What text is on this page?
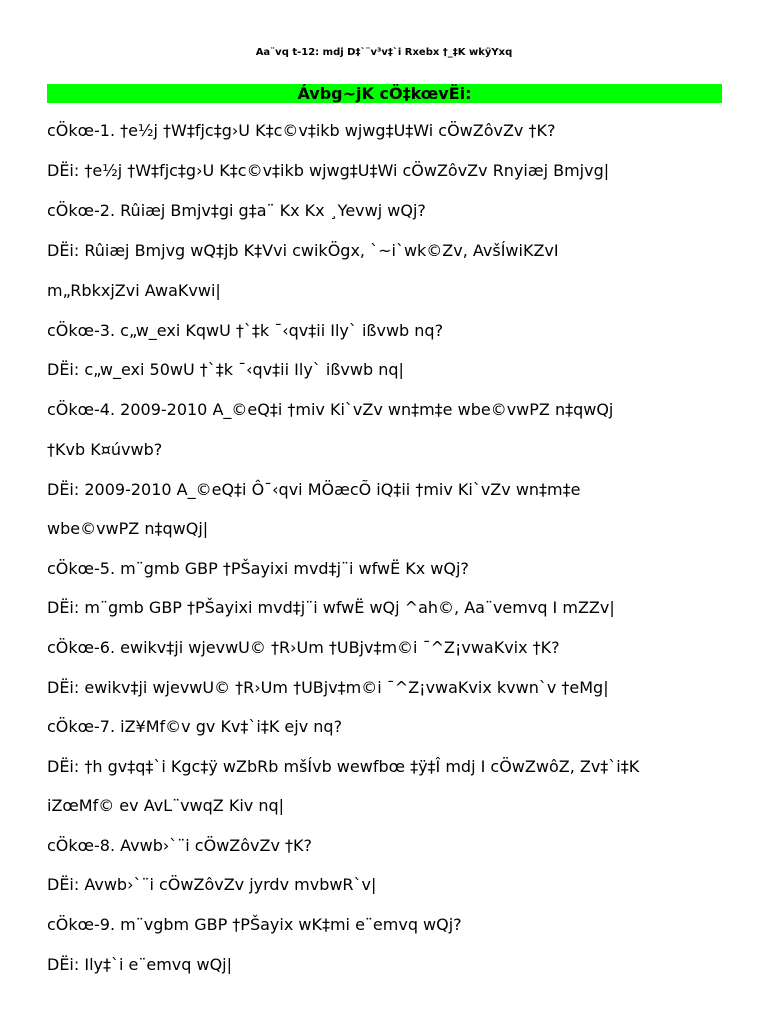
Aa¨vq t-12: mdj D‡`¨v³v‡`i Rxebx †_‡K wkÿYxq
Ávbg~jK cÖ‡kœvËi:
cÖkœ-1. †e½j †W‡fjc‡g›U K‡c©v‡ikb wjwg‡U‡Wi cÖwZôvZv †K?
DËi: †e½j †W‡fjc‡g›U K‡c©v‡ikb wjwg‡U‡Wi cÖwZôvZv Rnyiæj Bmjvg|
cÖkœ-2. Rûiæj Bmjv‡gi g‡a¨ Kx Kx ¸Yevwj wQj?
DËi: Rûiæj Bmjvg wQ‡jb K‡Vvi cwikÖgx, `~i`wk©Zv, AvšÍwiKZvI
m„RbkxjZvi AwaKvwi|
cÖkœ-3. c„w_exi KqwU †`‡k ¯‹qv‡ii Ily` ißvwb nq?
DËi: c„w_exi 50wU †`‡k ¯‹qv‡ii Ily` ißvwb nq|
cÖkœ-4. 2009-2010 A_©eQ‡i †miv Ki`vZv wn‡m‡e wbe©vwPZ n‡qwQj
†Kvb K¤úvwb?
DËi: 2009-2010 A_©eQ‡i Ô¯‹qvi MÖæcÕ iQ‡ii †miv Ki`vZv wn‡m‡e
wbe©vwPZ n‡qwQj|
cÖkœ-5. m¨gmb GBP †PŠayixi mvd‡j¨i wfwË Kx wQj?
DËi: m¨gmb GBP †PŠayixi mvd‡j¨i wfwË wQj ^ah©, Aa¨vemvq I mZZv|
cÖkœ-6. ewikv‡ji wjevwU© †R›Um †UBjv‡m©i ¯^Z¡vwaKvix †K?
DËi: ewikv‡ji wjevwU© †R›Um †UBjv‡m©i ¯^Z¡vwaKvix kvwn`v †eMg|
cÖkœ-7. iZ¥Mf©v gv Kv‡`i‡K ejv nq?
DËi: †h gv‡q‡`i Kgc‡ÿ wZbRb mšÍvb wewfbœ ‡ÿ‡Î mdj I cÖwZwôZ, Zv‡`i‡K
iZœMf© ev AvL¨vwqZ Kiv nq|
cÖkœ-8. Avwb›`¨i cÖwZôvZv †K?
DËi: Avwb›`¨i cÖwZôvZv jyrdv mvbwR`v|
cÖkœ-9. m¨vgbm GBP †PŠayix wK‡mi e¨emvq wQj?
DËi: Ily‡`i e¨emvq wQj|
